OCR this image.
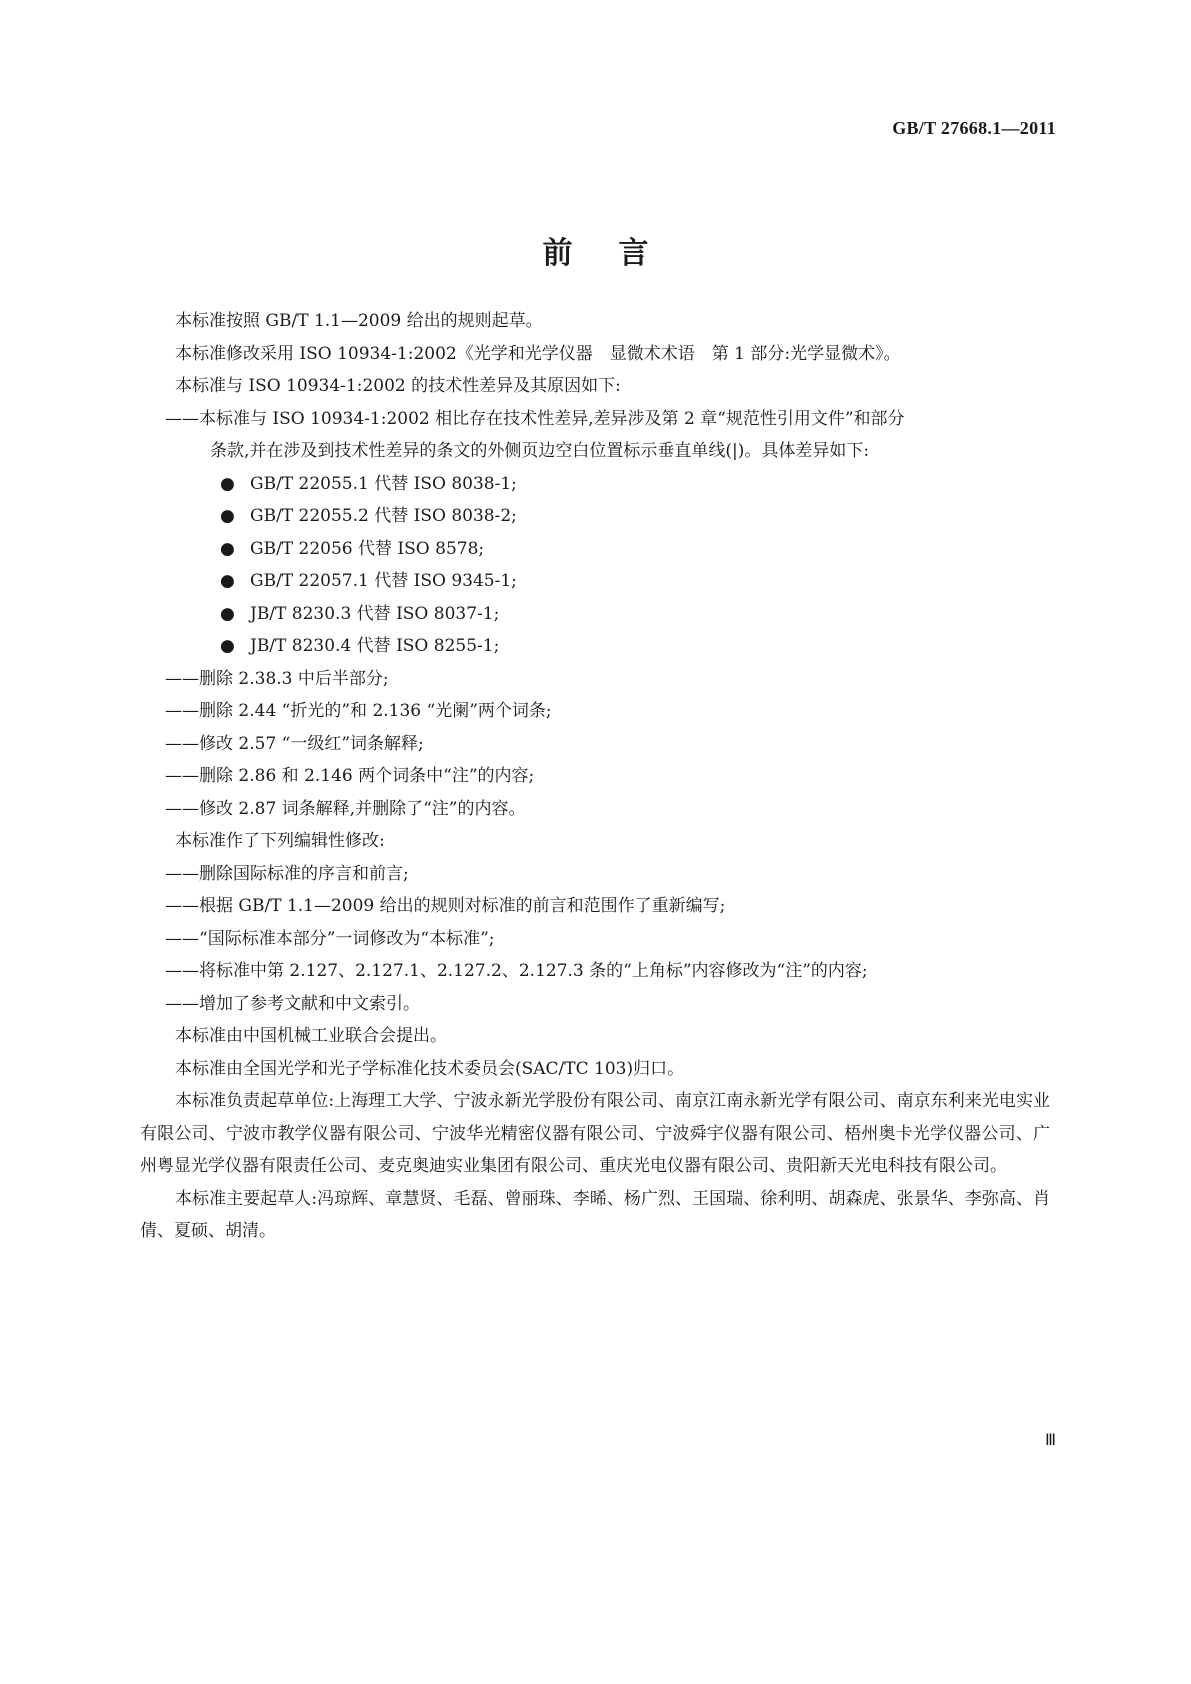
GB/T 27668.1—2011
前言

本标准按照 GB/T 1.1—2009 给出的规则起草。

本标准修改采用 ISO 10934-1:2002《光学和光学仪器　显微术术语　第 1 部分:光学显微术》。

本标准与 ISO 10934-1:2002 的技术性差异及其原因如下:

——本标准与 ISO 10934-1:2002 相比存在技术性差异,差异涉及第 2 章“规范性引用文件”和部分

条款,并在涉及到技术性差异的条文的外侧页边空白位置标示垂直单线(|)。具体差异如下:

● GB/T 22055.1 代替 ISO 8038-1;

● GB/T 22055.2 代替 ISO 8038-2;

● GB/T 22056 代替 ISO 8578;

● GB/T 22057.1 代替 ISO 9345-1;

● JB/T 8230.3 代替 ISO 8037-1;

● JB/T 8230.4 代替 ISO 8255-1;

——删除 2.38.3 中后半部分;

——删除 2.44 “折光的”和 2.136 “光阑”两个词条;

——修改 2.57 “一级红”词条解释;

——删除 2.86 和 2.146 两个词条中“注”的内容;

——修改 2.87 词条解释,并删除了“注”的内容。

本标准作了下列编辑性修改:

——删除国际标准的序言和前言;

——根据 GB/T 1.1—2009 给出的规则对标准的前言和范围作了重新编写;

——“国际标准本部分”一词修改为“本标准”;

——将标准中第 2.127、2.127.1、2.127.2、2.127.3 条的“上角标”内容修改为“注”的内容;

——增加了参考文献和中文索引。

本标准由中国机械工业联合会提出。

本标准由全国光学和光子学标准化技术委员会(SAC/TC 103)归口。

本标准负责起草单位:上海理工大学、宁波永新光学股份有限公司、南京江南永新光学有限公司、南京东利来光电实业有限公司、宁波市教学仪器有限公司、宁波华光精密仪器有限公司、宁波舜宇仪器有限公司、梧州奥卡光学仪器公司、广州粤显光学仪器有限责任公司、麦克奥迪实业集团有限公司、重庆光电仪器有限公司、贵阳新天光电科技有限公司。

本标准主要起草人:冯琼辉、章慧贤、毛磊、曾丽珠、李晞、杨广烈、王国瑞、徐利明、胡森虎、张景华、李弥高、肖倩、夏硕、胡清。

Ⅲ
